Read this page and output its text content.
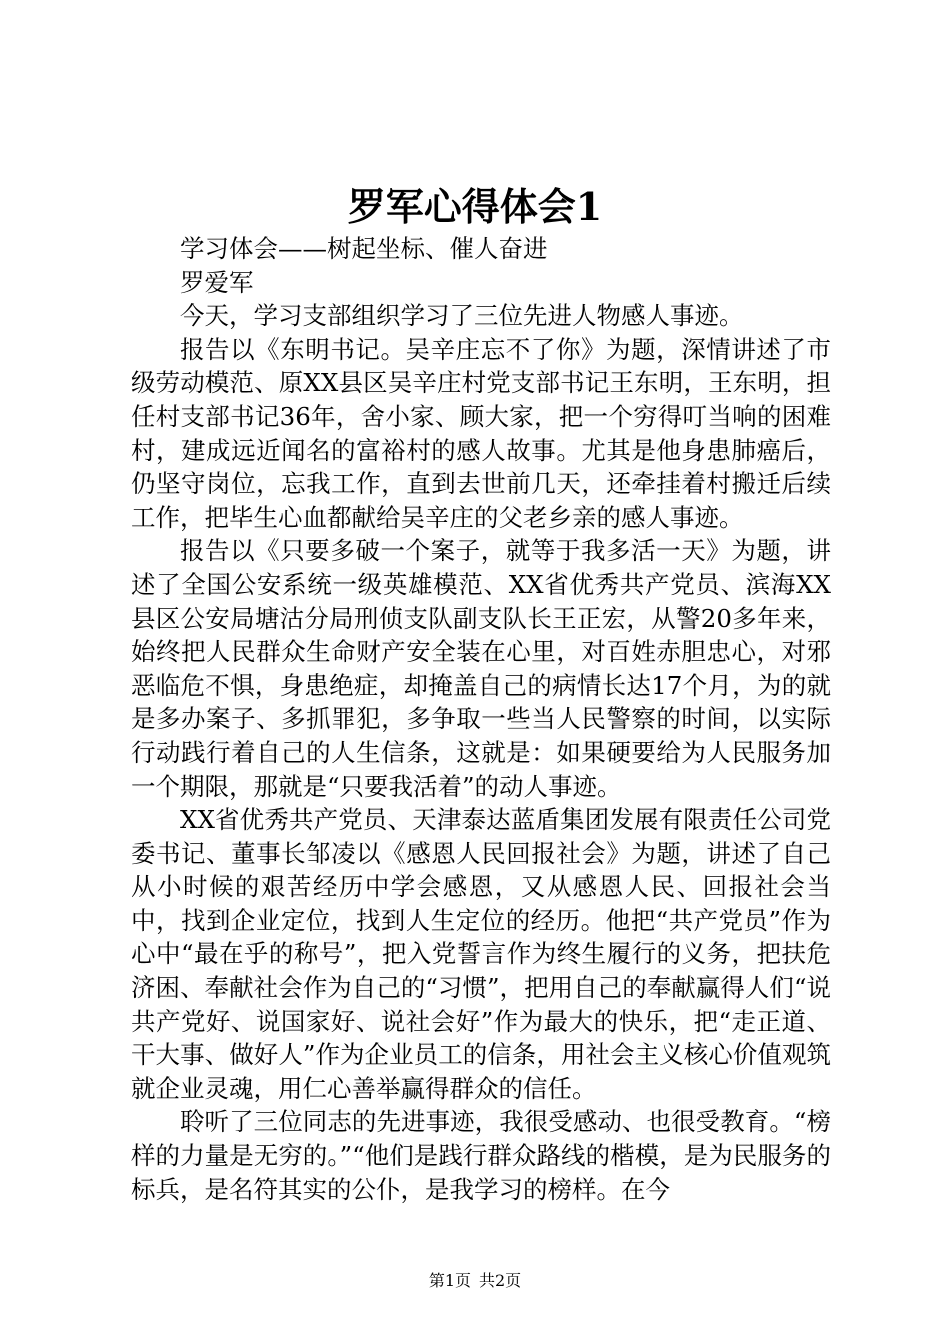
罗军心得体会1

学习体会——树起坐标、催人奋进

罗爱军

今天，学习支部组织学习了三位先进人物感人事迹。

报告以《东明书记。吴辛庄忘不了你》为题，深情讲述了市级劳动模范、原XX县区吴辛庄村党支部书记王东明，王东明，担任村支部书记36年，舍小家、顾大家，把一个穷得叮当响的困难村，建成远近闻名的富裕村的感人故事。尤其是他身患肺癌后，仍坚守岗位，忘我工作，直到去世前几天，还牵挂着村搬迁后续工作，把毕生心血都献给吴辛庄的父老乡亲的感人事迹。

报告以《只要多破一个案子，就等于我多活一天》为题，讲述了全国公安系统一级英雄模范、XX省优秀共产党员、滨海XX县区公安局塘沽分局刑侦支队副支队长王正宏，从警20多年来，始终把人民群众生命财产安全装在心里，对百姓赤胆忠心，对邪恶临危不惧，身患绝症，却掩盖自己的病情长达17个月，为的就是多办案子、多抓罪犯，多争取一些当人民警察的时间，以实际行动践行着自己的人生信条，这就是：如果硬要给为人民服务加一个期限，那就是“只要我活着”的动人事迹。

XX省优秀共产党员、天津泰达蓝盾集团发展有限责任公司党委书记、董事长邹凌以《感恩人民回报社会》为题，讲述了自己从小时候的艰苦经历中学会感恩，又从感恩人民、回报社会当中，找到企业定位，找到人生定位的经历。他把“共产党员”作为心中“最在乎的称号”，把入党誓言作为终生履行的义务，把扶危济困、奉献社会作为自己的“习惯”，把用自己的奉献赢得人们“说共产党好、说国家好、说社会好”作为最大的快乐，把“走正道、干大事、做好人”作为企业员工的信条，用社会主义核心价值观筑就企业灵魂，用仁心善举赢得群众的信任。

聆听了三位同志的先进事迹，我很受感动、也很受教育。“榜样的力量是无穷的。”“他们是践行群众路线的楷模，是为民服务的标兵，是名符其实的公仆，是我学习的榜样。在今

第1页 共2页
